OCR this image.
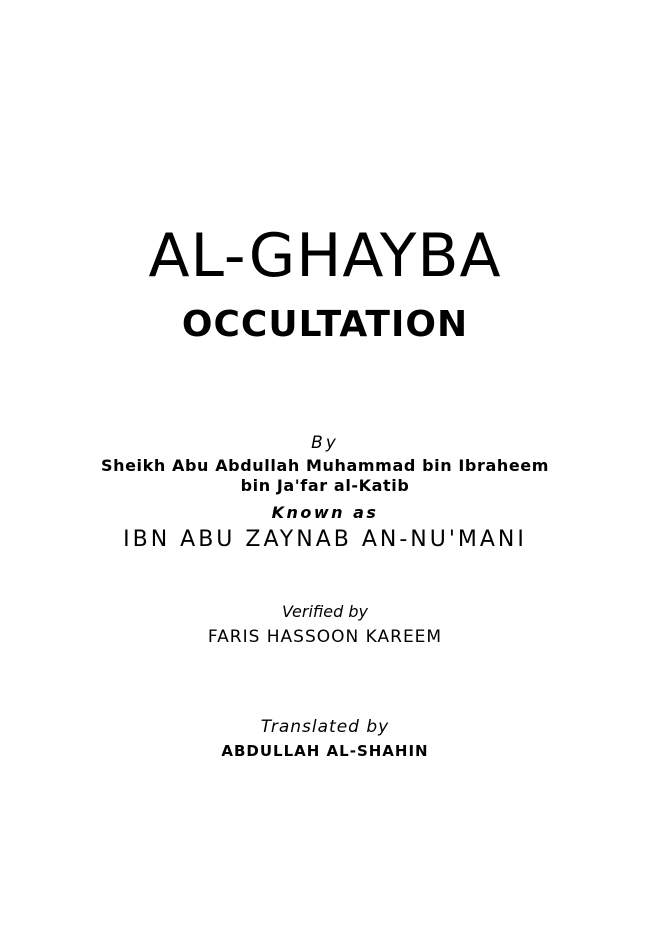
AL-GHAYBA
OCCULTATION
By
Sheikh Abu Abdullah Muhammad bin Ibraheem
bin Ja'far al-Katib
Known as
IBN ABU ZAYNAB AN-NU'MANI
Verified by
FARIS HASSOON KAREEM
Translated by
ABDULLAH AL-SHAHIN
